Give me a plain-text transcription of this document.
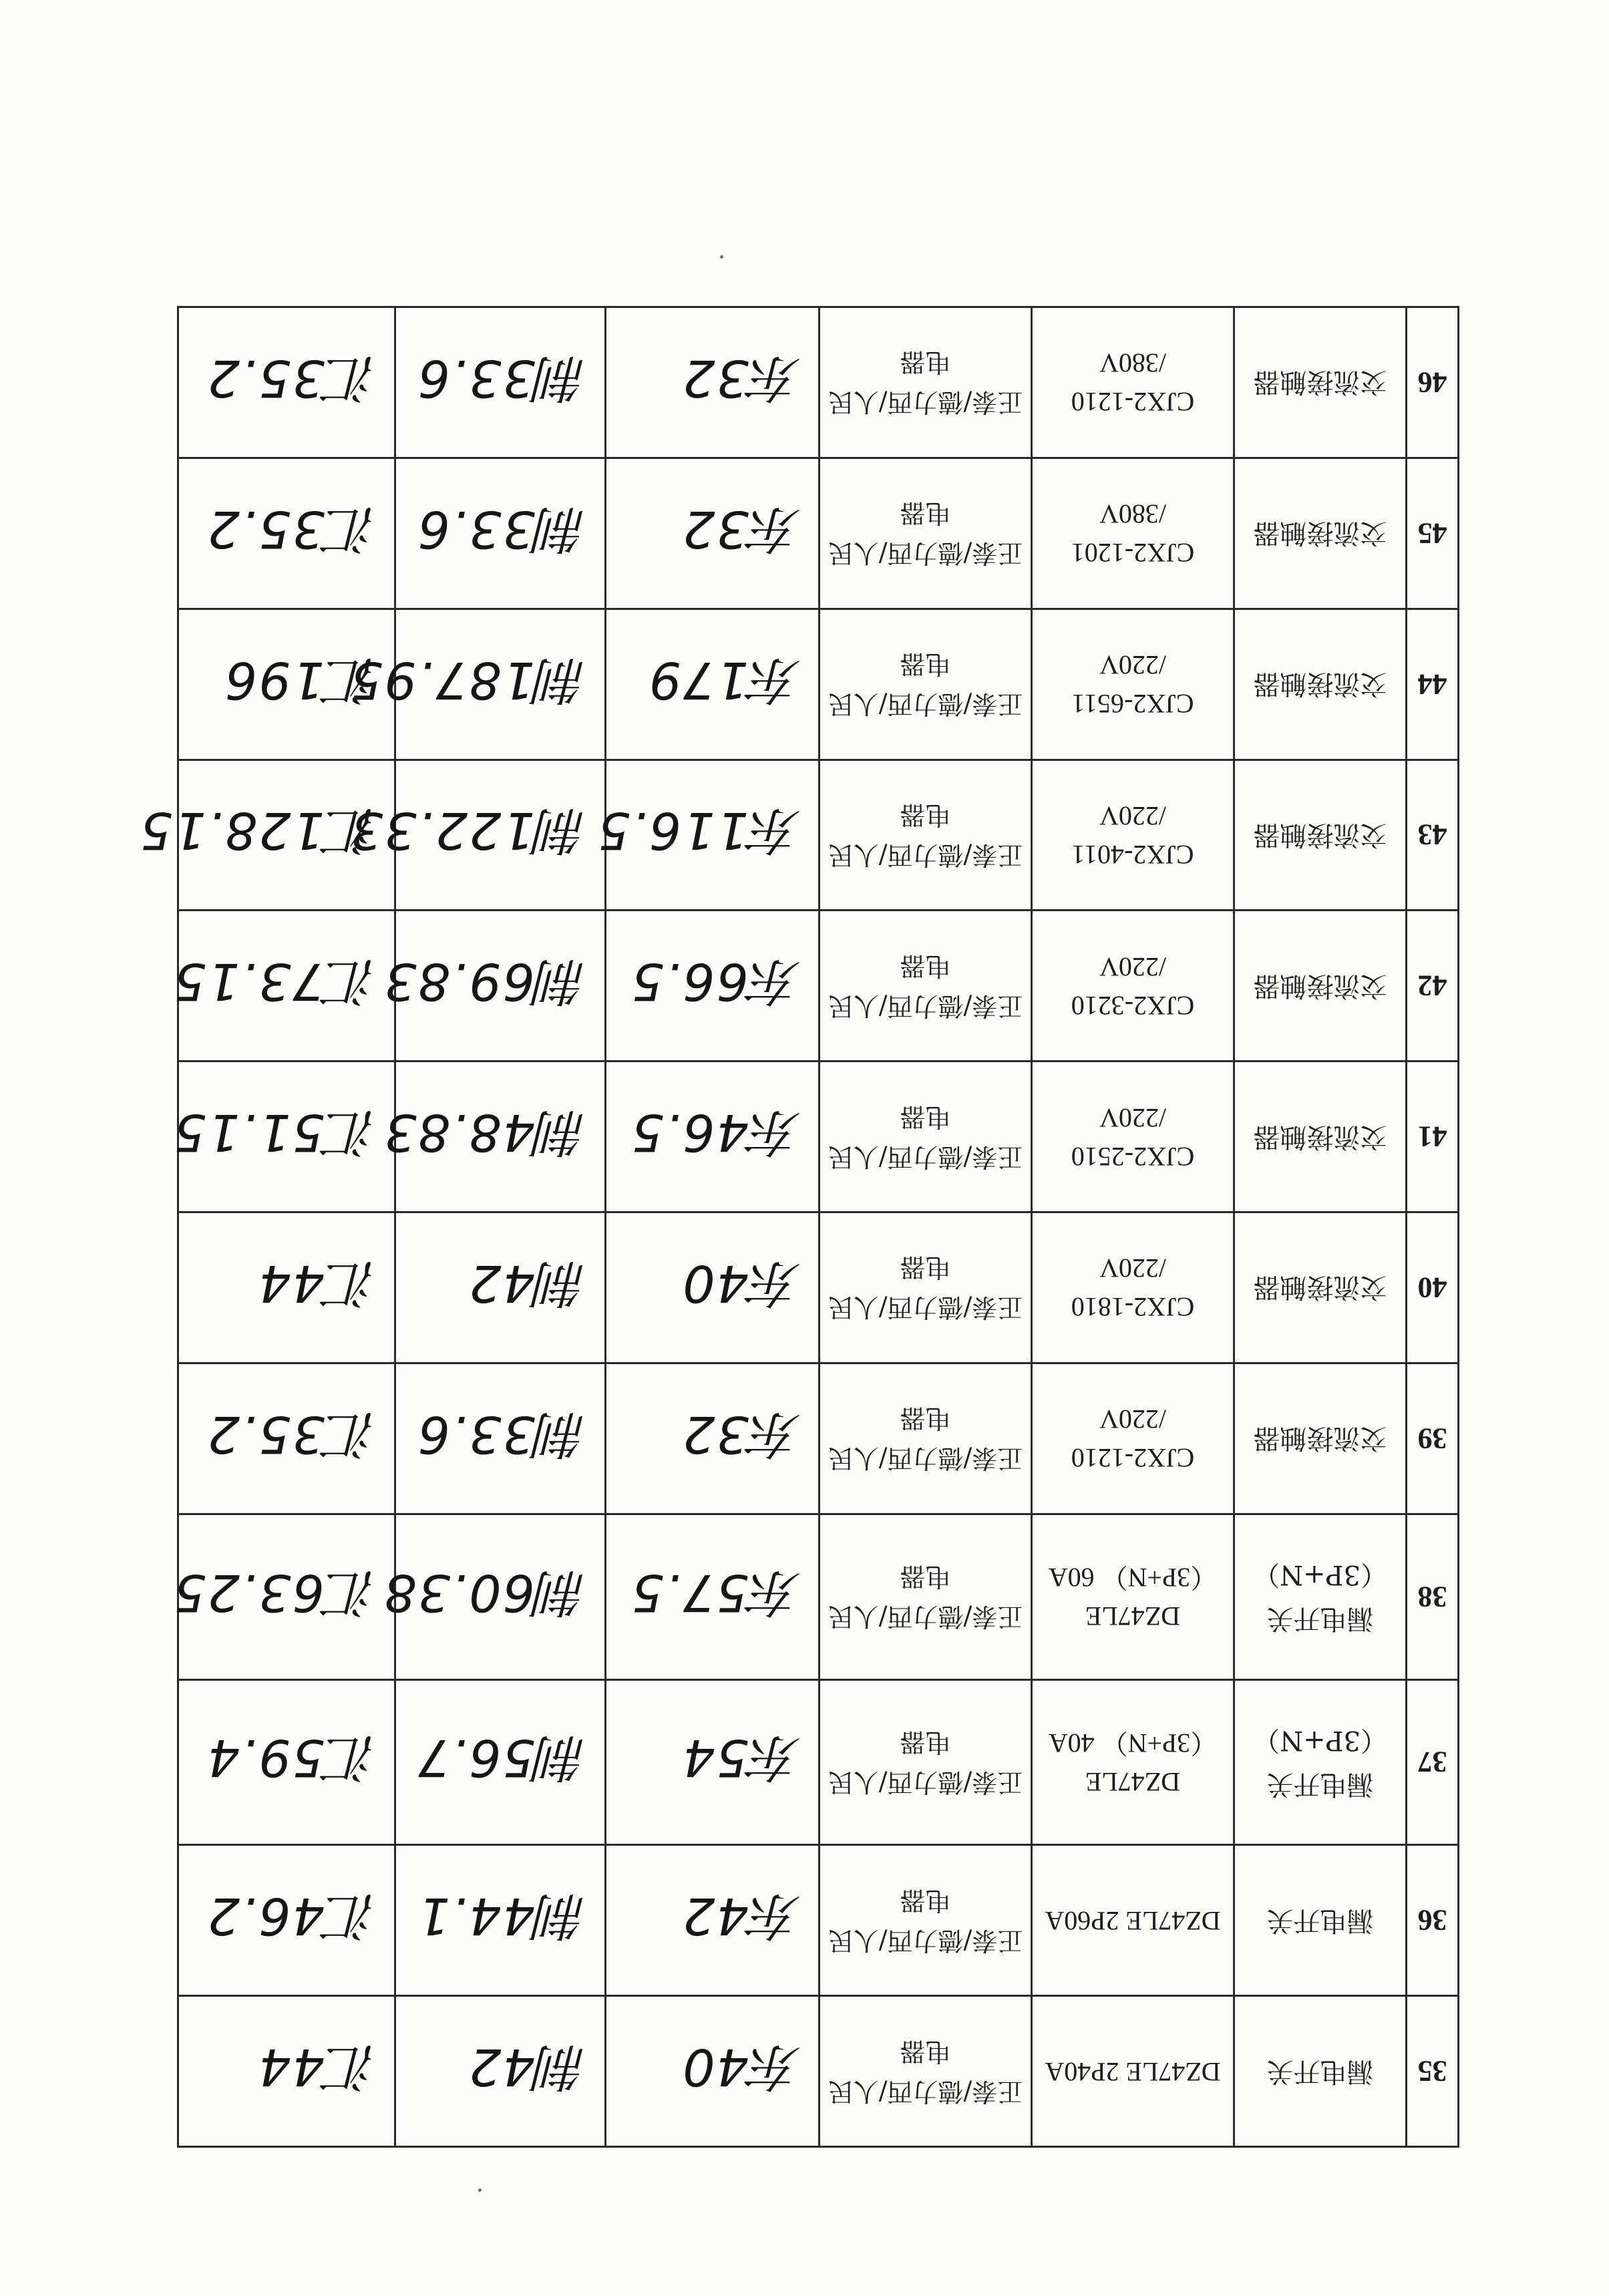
35	漏电开关	DZ47LE 2P40A	正泰/德力西/人民电器	东40	制42	汇44
36	漏电开关	DZ47LE 2P60A	正泰/德力西/人民电器	东42	制44.1	汇46.2
37	漏电开关（3P+N）	DZ47LE （3P+N） 40A	正泰/德力西/人民电器	东54	制56.7	汇59.4
38	漏电开关（3P+N）	DZ47LE （3P+N） 60A	正泰/德力西/人民电器	东57.5	制60.38	汇63.25
39	交流接触器	CJX2-1210 /220V	正泰/德力西/人民电器	东32	制33.6	汇35.2
40	交流接触器	CJX2-1810 /220V	正泰/德力西/人民电器	东40	制42	汇44
41	交流接触器	CJX2-2510 /220V	正泰/德力西/人民电器	东46.5	制48.83	汇51.15
42	交流接触器	CJX2-3210 /220V	正泰/德力西/人民电器	东66.5	制69.83	汇73.15
43	交流接触器	CJX2-4011 /220V	正泰/德力西/人民电器	东116.5	制122.33	汇128.15
44	交流接触器	CJX2-6511 /220V	正泰/德力西/人民电器	东179	制187.95	汇196
45	交流接触器	CJX2-1201 /380V	正泰/德力西/人民电器	东32	制33.6	汇35.2
46	交流接触器	CJX2-1210 /380V	正泰/德力西/人民电器	东32	制33.6	汇35.2
